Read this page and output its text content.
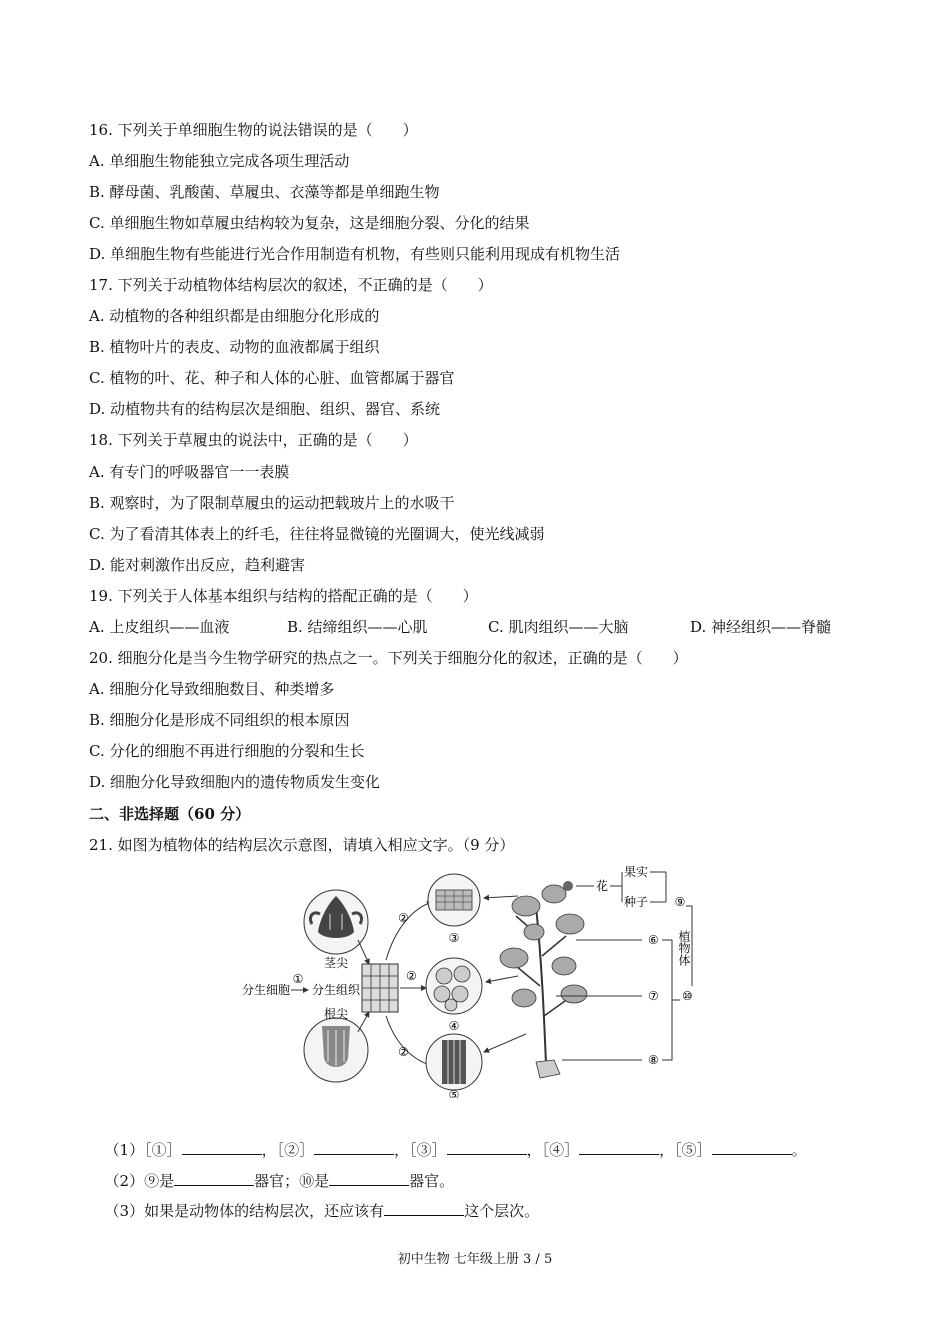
16. 下列关于单细胞生物的说法错误的是（　　）
A. 单细胞生物能独立完成各项生理活动
B. 酵母菌、乳酸菌、草履虫、衣藻等都是单细跑生物
C. 单细胞生物如草履虫结构较为复杂，这是细胞分裂、分化的结果
D. 单细胞生物有些能进行光合作用制造有机物，有些则只能利用现成有机物生活
17. 下列关于动植物体结构层次的叙述，不正确的是（　　）
A. 动植物的各种组织都是由细胞分化形成的
B. 植物叶片的表皮、动物的血液都属于组织
C. 植物的叶、花、种子和人体的心脏、血管都属于器官
D. 动植物共有的结构层次是细胞、组织、器官、系统
18. 下列关于草履虫的说法中，正确的是（　　）
A. 有专门的呼吸器官一一表膜
B. 观察时，为了限制草履虫的运动把载玻片上的水吸干
C. 为了看清其体表上的纤毛，往往将显微镜的光圈调大，使光线减弱
D. 能对刺激作出反应，趋利避害
19. 下列关于人体基本组织与结构的搭配正确的是（　　）
A. 上皮组织——血液	B. 结缔组织——心肌	C. 肌肉组织——大脑	D. 神经组织——脊髓
20. 细胞分化是当今生物学研究的热点之一。下列关于细胞分化的叙述，正确的是（　　）
A. 细胞分化导致细胞数目、种类增多
B. 细胞分化是形成不同组织的根本原因
C. 分化的细胞不再进行细胞的分裂和生长
D. 细胞分化导致细胞内的遗传物质发生变化
二、非选择题（60 分）
21. 如图为植物体的结构层次示意图，请填入相应文字。（9 分）
茎尖
根尖
分生细胞
①
分生组织
②
②
②
③
④
⑤
花
果实
种子 ⑨
⑥
⑦
⑧
⑩
植物体

（1）［①］	，［②］	，［③］	，［④］	，［⑤］	。

（2）⑨是	器官；⑩是	器官。

（3）如果是动物体的结构层次，还应该有	这个层次。

初中生物 七年级上册 3 / 5
